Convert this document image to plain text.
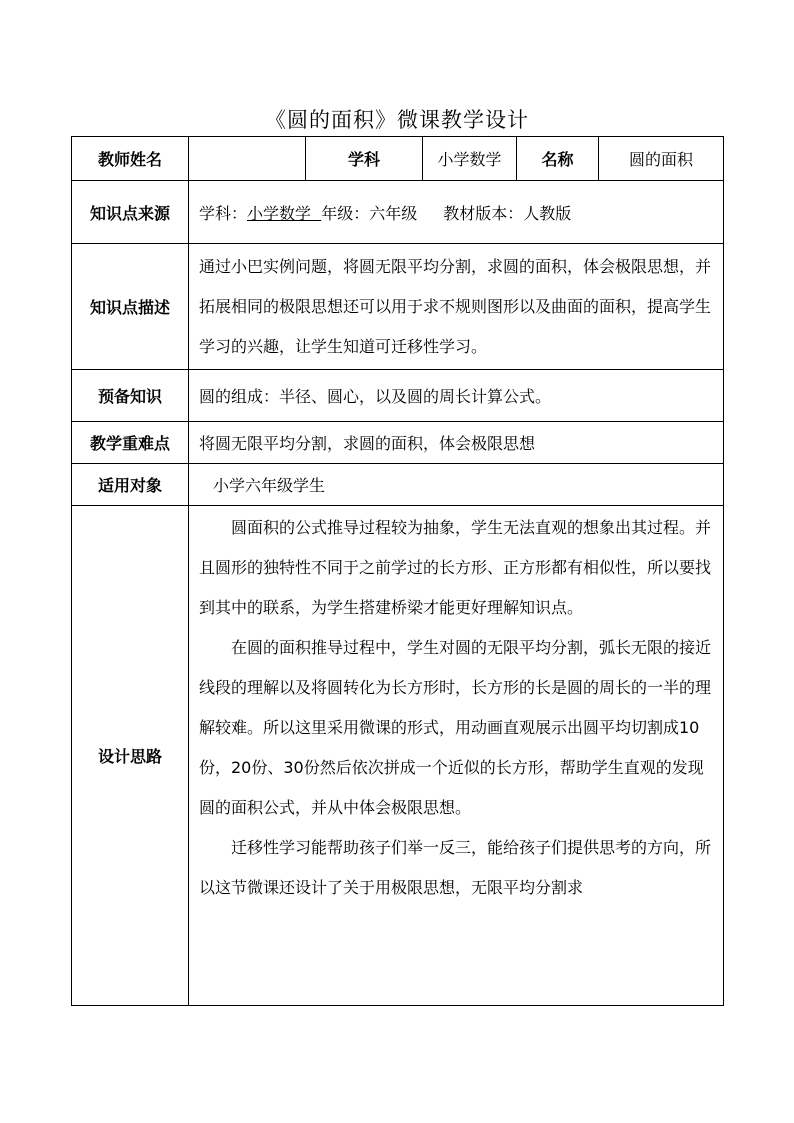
《圆的面积》微课教学设计
教师姓名		学科	小学数学	名称	圆的面积
知识点来源	学科：小学数学  年级：六年级 教材版本：人教版				
知识点描述	通过小巴实例问题，将圆无限平均分割，求圆的面积，体会极限思想，并拓展相同的极限思想还可以用于求不规则图形以及曲面的面积，提高学生学习的兴趣，让学生知道可迁移性学习。				
预备知识	圆的组成：半径、圆心，以及圆的周长计算公式。				
教学重难点	将圆无限平均分割，求圆的面积，体会极限思想				
适用对象	小学六年级学生				
设计思路	圆面积的公式推导过程较为抽象，学生无法直观的想象出其过程。并且圆形的独特性不同于之前学过的长方形、正方形都有相似性，所以要找到其中的联系，为学生搭建桥梁才能更好理解知识点。

在圆的面积推导过程中，学生对圆的无限平均分割，弧长无限的接近线段的理解以及将圆转化为长方形时，长方形的长是圆的周长的一半的理解较难。所以这里采用微课的形式，用动画直观展示出圆平均切割成10份，20份、30份然后依次拼成一个近似的长方形，帮助学生直观的发现圆的面积公式，并从中体会极限思想。

迁移性学习能帮助孩子们举一反三，能给孩子们提供思考的方向，所以这节微课还设计了关于用极限思想，无限平均分割求				
